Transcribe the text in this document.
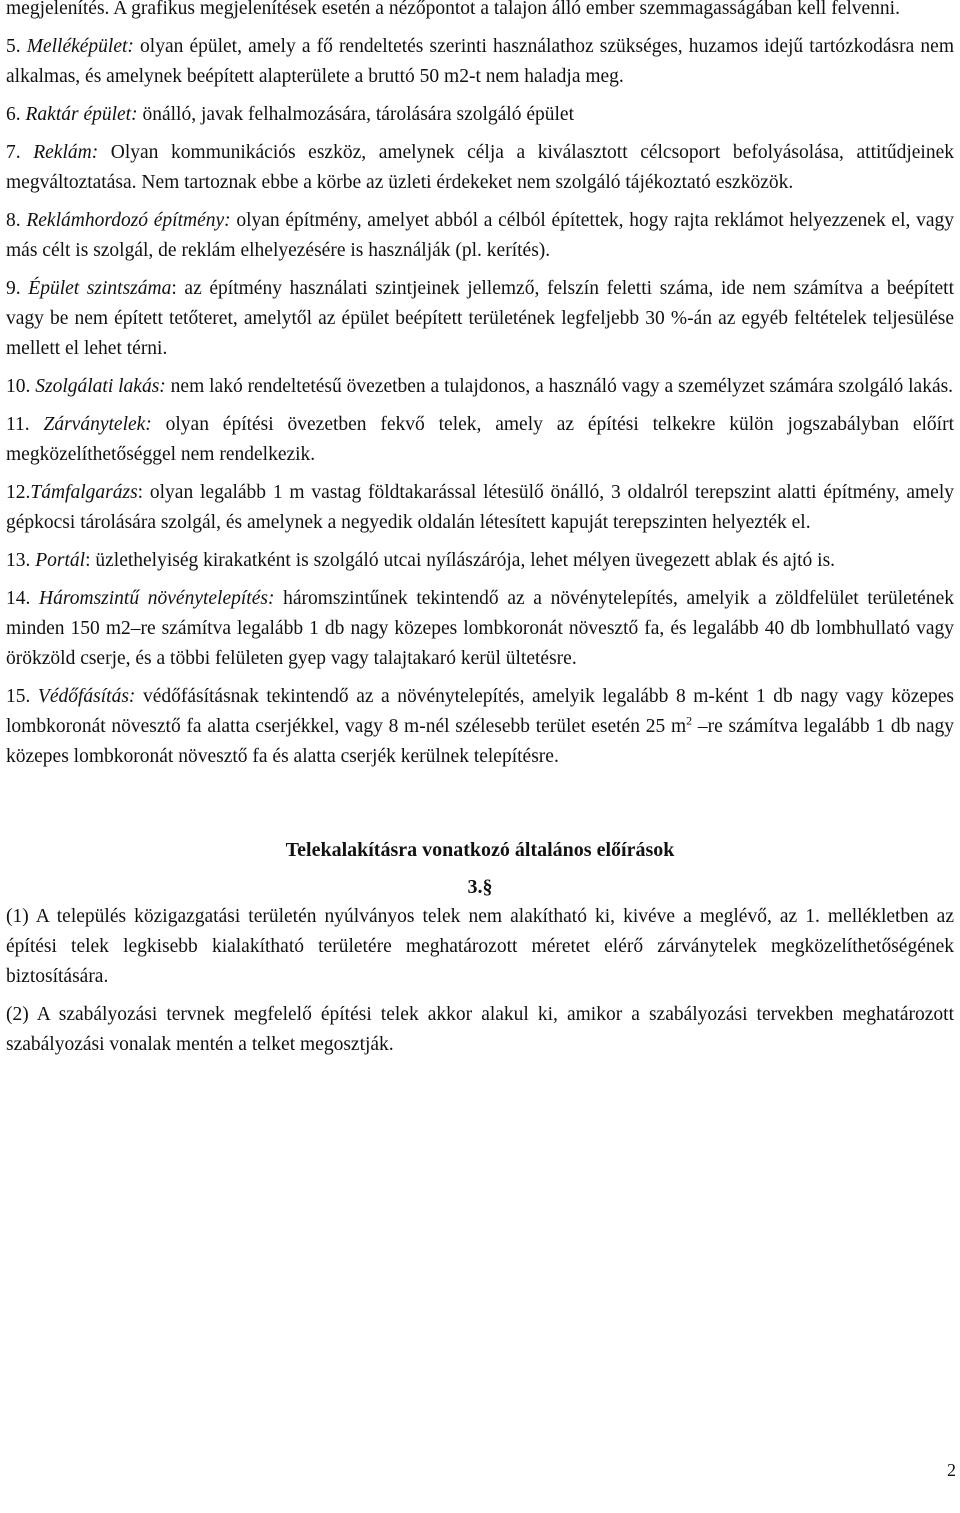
megjelenítés. A grafikus megjelenítések esetén a nézőpontot a talajon álló ember szemmagasságában kell felvenni.

5. Melléképület: olyan épület, amely a fő rendeltetés szerinti használathoz szükséges, huzamos idejű tartózkodásra nem alkalmas, és amelynek beépített alapterülete a bruttó 50 m2-t nem haladja meg.

6. Raktár épület: önálló, javak felhalmozására, tárolására szolgáló épület

7. Reklám: Olyan kommunikációs eszköz, amelynek célja a kiválasztott célcsoport befolyásolása, attitűdjeinek megváltoztatása. Nem tartoznak ebbe a körbe az üzleti érdekeket nem szolgáló tájékoztató eszközök.

8. Reklámhordozó építmény: olyan építmény, amelyet abból a célból építettek, hogy rajta reklámot helyezzenek el, vagy más célt is szolgál, de reklám elhelyezésére is használják (pl. kerítés).

9. Épület szintszáma: az építmény használati szintjeinek jellemző, felszín feletti száma, ide nem számítva a beépített vagy be nem épített tetőteret, amelytől az épület beépített területének legfeljebb 30 %-án az egyéb feltételek teljesülése mellett el lehet térni.

10. Szolgálati lakás: nem lakó rendeltetésű övezetben a tulajdonos, a használó vagy a személyzet számára szolgáló lakás.

11. Zárványtelek: olyan építési övezetben fekvő telek, amely az építési telkekre külön jogszabályban előírt megközelíthetőséggel nem rendelkezik.

12.Támfalgarázs: olyan legalább 1 m vastag földtakarással létesülő önálló, 3 oldalról terepszint alatti építmény, amely gépkocsi tárolására szolgál, és amelynek a negyedik oldalán létesített kapuját terepszinten helyezték el.

13. Portál: üzlethelyiség kirakatként is szolgáló utcai nyílászárója, lehet mélyen üvegezett ablak és ajtó is.

14. Háromszintű növénytelepítés: háromszintűnek tekintendő az a növénytelepítés, amelyik a zöldfelület területének minden 150 m2–re számítva legalább 1 db nagy közepes lombkoronát növesztő fa, és legalább 40 db lombhullató vagy örökzöld cserje, és a többi felületen gyep vagy talajtakaró kerül ültetésre.

15. Védőfásítás: védőfásításnak tekintendő az a növénytelepítés, amelyik legalább 8 m-ként 1 db nagy vagy közepes lombkoronát növesztő fa alatta cserjékkel, vagy 8 m-nél szélesebb terület esetén 25 $m^2$ –re számítva legalább 1 db nagy közepes lombkoronát növesztő fa és alatta cserjék kerülnek telepítésre.

Telekalakításra vonatkozó általános előírások
3.§

(1) A település közigazgatási területén nyúlványos telek nem alakítható ki, kivéve a meglévő, az 1. mellékletben az építési telek legkisebb kialakítható területére meghatározott méretet elérő zárványtelek megközelíthetőségének biztosítására.

(2) A szabályozási tervnek megfelelő építési telek akkor alakul ki, amikor a szabályozási tervekben meghatározott szabályozási vonalak mentén a telket megosztják.

2
